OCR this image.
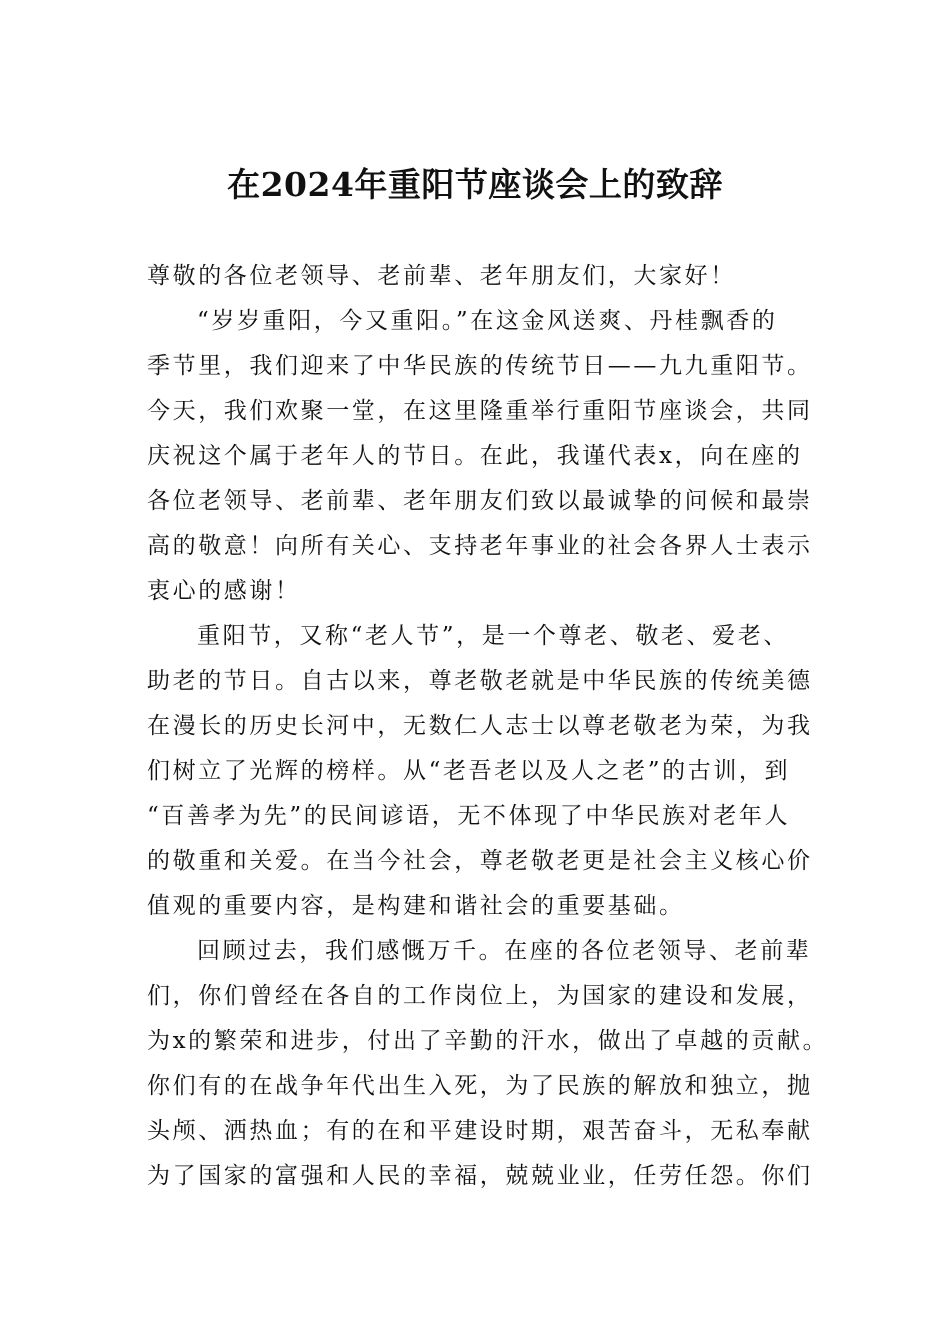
在2024年重阳节座谈会上的致辞
尊敬的各位老领导、老前辈、老年朋友们，大家好！
“岁岁重阳，今又重阳。”在这金风送爽、丹桂飘香的
季节里，我们迎来了中华民族的传统节日——九九重阳节。
今天，我们欢聚一堂，在这里隆重举行重阳节座谈会，共同
庆祝这个属于老年人的节日。在此，我谨代表x，向在座的
各位老领导、老前辈、老年朋友们致以最诚挚的问候和最崇
高的敬意！向所有关心、支持老年事业的社会各界人士表示
衷心的感谢！
重阳节，又称“老人节”，是一个尊老、敬老、爱老、
助老的节日。自古以来，尊老敬老就是中华民族的传统美德
在漫长的历史长河中，无数仁人志士以尊老敬老为荣，为我
们树立了光辉的榜样。从“老吾老以及人之老”的古训，到
“百善孝为先”的民间谚语，无不体现了中华民族对老年人
的敬重和关爱。在当今社会，尊老敬老更是社会主义核心价
值观的重要内容，是构建和谐社会的重要基础。
回顾过去，我们感慨万千。在座的各位老领导、老前辈
们，你们曾经在各自的工作岗位上，为国家的建设和发展，
为x的繁荣和进步，付出了辛勤的汗水，做出了卓越的贡献。
你们有的在战争年代出生入死，为了民族的解放和独立，抛
头颅、洒热血；有的在和平建设时期，艰苦奋斗，无私奉献
为了国家的富强和人民的幸福，兢兢业业，任劳任怨。你们
